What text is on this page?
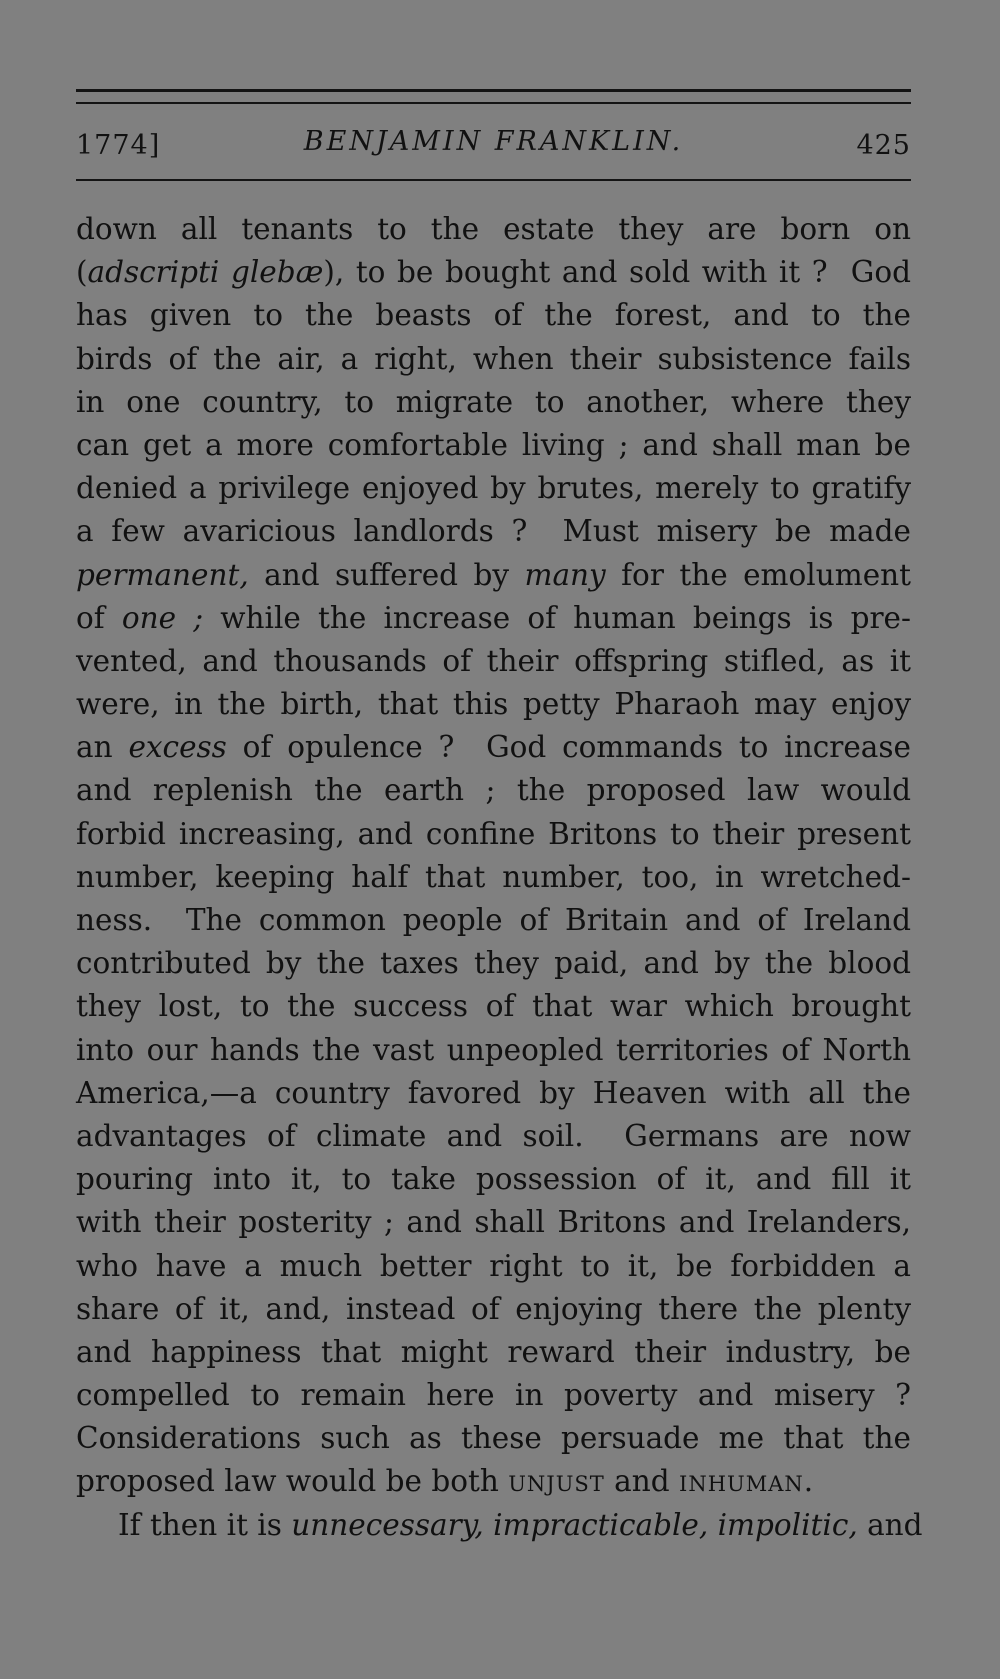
1774]	BENJAMIN FRANKLIN.	425
down all tenants to the estate they are born on
(adscripti glebæ), to be bought and sold with it ?  God
has given to the beasts of the forest, and to the
birds of the air, a right, when their subsistence fails
in one country, to migrate to another, where they
can get a more comfortable living ; and shall man be
denied a privilege enjoyed by brutes, merely to gratify
a few avaricious landlords ?  Must misery be made
permanent, and suffered by many for the emolument
of one ; while the increase of human beings is pre-
vented, and thousands of their offspring stifled, as it
were, in the birth, that this petty Pharaoh may enjoy
an excess of opulence ?  God commands to increase
and replenish the earth ; the proposed law would
forbid increasing, and confine Britons to their present
number, keeping half that number, too, in wretched-
ness.  The common people of Britain and of Ireland
contributed by the taxes they paid, and by the blood
they lost, to the success of that war which brought
into our hands the vast unpeopled territories of North
America,—a country favored by Heaven with all the
advantages of climate and soil.  Germans are now
pouring into it, to take possession of it, and fill it
with their posterity ; and shall Britons and Irelanders,
who have a much better right to it, be forbidden a
share of it, and, instead of enjoying there the plenty
and happiness that might reward their industry, be
compelled to remain here in poverty and misery ?
Considerations such as these persuade me that the
proposed law would be both unjust and inhuman.
If then it is unnecessary, impracticable, impolitic, and
